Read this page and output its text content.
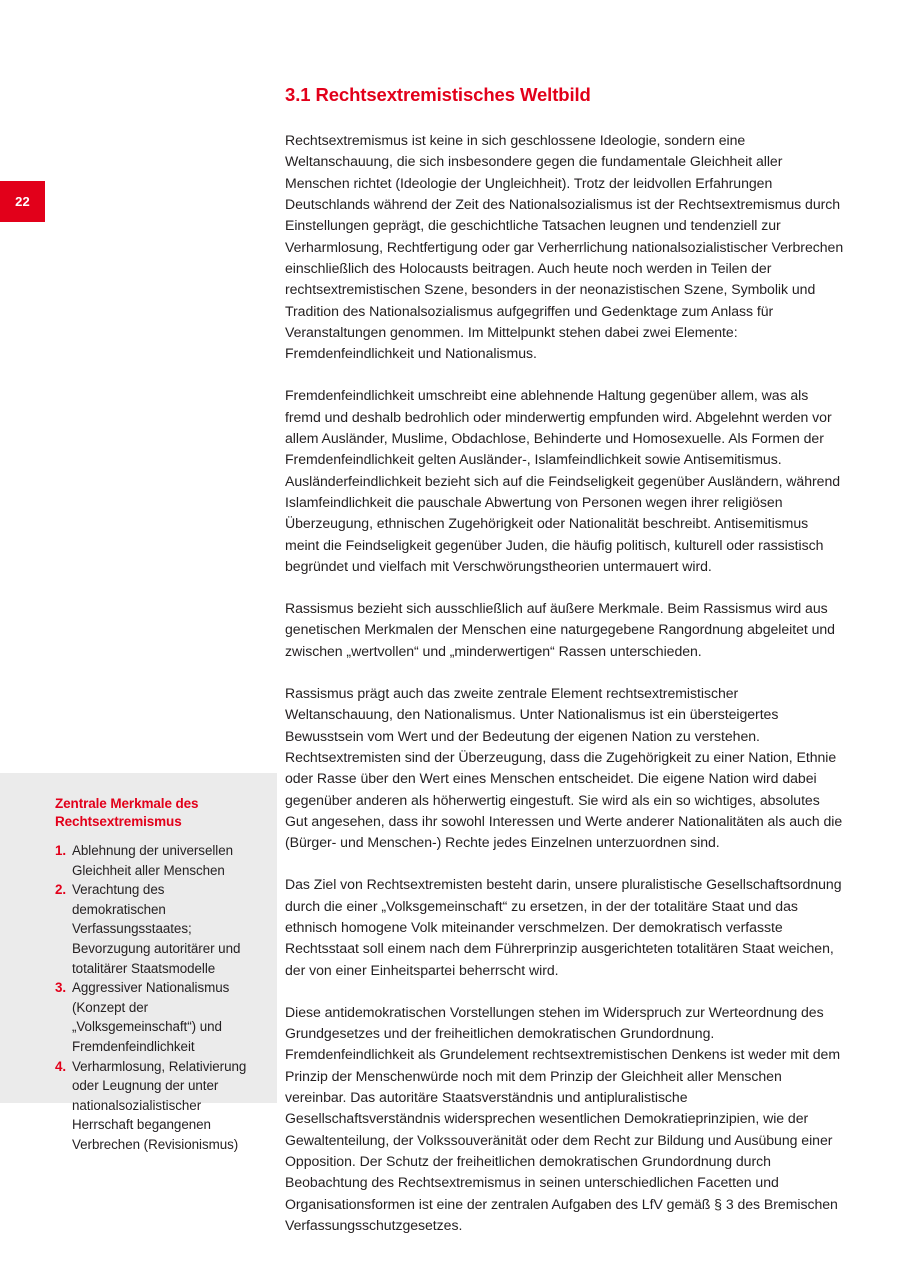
22
3.1 Rechtsextremistisches Weltbild

Rechtsextremismus ist keine in sich geschlossene Ideologie, sondern eine Weltanschauung, die sich insbesondere gegen die fundamentale Gleichheit aller Menschen richtet (Ideologie der Ungleichheit). Trotz der leidvollen Erfahrungen Deutschlands während der Zeit des Nationalsozialismus ist der Rechtsextremismus durch Einstellungen geprägt, die geschichtliche Tatsachen leugnen und tendenziell zur Verharmlosung, Rechtfertigung oder gar Verherrlichung nationalsozialistischer Verbrechen einschließlich des Holocausts beitragen. Auch heute noch werden in Teilen der rechtsextremistischen Szene, besonders in der neonazistischen Szene, Symbolik und Tradition des Nationalsozialismus aufgegriffen und Gedenktage zum Anlass für Veranstaltungen genommen. Im Mittelpunkt stehen dabei zwei Elemente: Fremdenfeindlichkeit und Nationalismus.

Fremdenfeindlichkeit umschreibt eine ablehnende Haltung gegenüber allem, was als fremd und deshalb bedrohlich oder minderwertig empfunden wird. Abgelehnt werden vor allem Ausländer, Muslime, Obdachlose, Behinderte und Homosexuelle. Als Formen der Fremdenfeindlichkeit gelten Ausländer-, Islamfeindlichkeit sowie Antisemitismus. Ausländerfeindlichkeit bezieht sich auf die Feindseligkeit gegenüber Ausländern, während Islamfeindlichkeit die pauschale Abwertung von Personen wegen ihrer religiösen Überzeugung, ethnischen Zugehörigkeit oder Nationalität beschreibt. Antisemitismus meint die Feindseligkeit gegenüber Juden, die häufig politisch, kulturell oder rassistisch begründet und vielfach mit Verschwörungstheorien untermauert wird.

Rassismus bezieht sich ausschließlich auf äußere Merkmale. Beim Rassismus wird aus genetischen Merkmalen der Menschen eine naturgegebene Rangordnung abgeleitet und zwischen „wertvollen“ und „minderwertigen“ Rassen unterschieden.

Rassismus prägt auch das zweite zentrale Element rechtsextremistischer Weltanschauung, den Nationalismus. Unter Nationalismus ist ein übersteigertes Bewusstsein vom Wert und der Bedeutung der eigenen Nation zu verstehen. Rechtsextremisten sind der Überzeugung, dass die Zugehörigkeit zu einer Nation, Ethnie oder Rasse über den Wert eines Menschen entscheidet. Die eigene Nation wird dabei gegenüber anderen als höherwertig eingestuft. Sie wird als ein so wichtiges, absolutes Gut angesehen, dass ihr sowohl Interessen und Werte anderer Nationalitäten als auch die (Bürger- und Menschen-) Rechte jedes Einzelnen unterzuordnen sind.

Das Ziel von Rechtsextremisten besteht darin, unsere pluralistische Gesellschaftsordnung durch die einer „Volksgemeinschaft“ zu ersetzen, in der der totalitäre Staat und das ethnisch homogene Volk miteinander verschmelzen. Der demokratisch verfasste Rechtsstaat soll einem nach dem Führerprinzip ausgerichteten totalitären Staat weichen, der von einer Einheitspartei beherrscht wird.

Diese antidemokratischen Vorstellungen stehen im Widerspruch zur Werteordnung des Grundgesetzes und der freiheitlichen demokratischen Grundordnung. Fremdenfeindlichkeit als Grundelement rechtsextremistischen Denkens ist weder mit dem Prinzip der Menschenwürde noch mit dem Prinzip der Gleichheit aller Menschen vereinbar. Das autoritäre Staatsverständnis und antipluralistische Gesellschaftsverständnis widersprechen wesentlichen Demokratieprinzipien, wie der Gewaltenteilung, der Volkssouveränität oder dem Recht zur Bildung und Ausübung einer Opposition. Der Schutz der freiheitlichen demokratischen Grundordnung durch Beobachtung des Rechtsextremismus in seinen unterschiedlichen Facetten und Organisationsformen ist eine der zentralen Aufgaben des LfV gemäß § 3 des Bremischen Verfassungsschutzgesetzes.

Zentrale Merkmale des Rechtsextremismus
1. Ablehnung der universellen Gleichheit aller Menschen
2. Verachtung des demokratischen Verfassungsstaates; Bevorzugung autoritärer und totalitärer Staatsmodelle
3. Aggressiver Nationalismus (Konzept der „Volksgemeinschaft“) und Fremdenfeindlichkeit
4. Verharmlosung, Relativierung oder Leugnung der unter nationalsozialistischer Herrschaft begangenen Verbrechen (Revisionismus)
